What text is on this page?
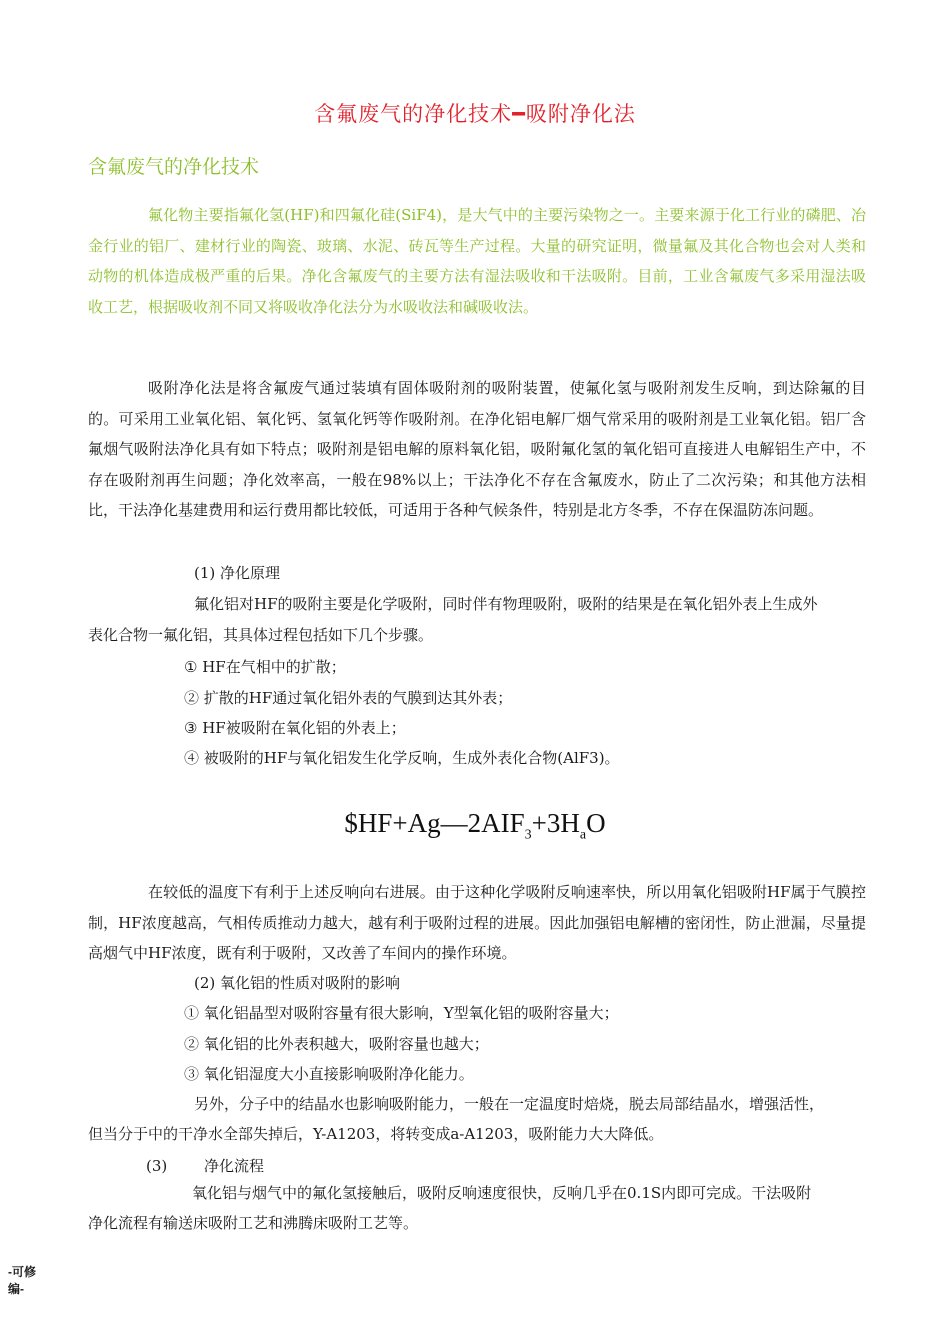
含氟废气的净化技术━吸附净化法
含氟废气的净化技术

氟化物主要指氟化氢(HF)和四氟化硅(SiF4)，是大气中的主要污染物之一。主要来源于化工行业的磷肥、冶金行业的铝厂、建材行业的陶瓷、玻璃、水泥、砖瓦等生产过程。大量的研究证明，微量氟及其化合物也会对人类和动物的机体造成极严重的后果。净化含氟废气的主要方法有湿法吸收和干法吸附。目前，工业含氟废气多采用湿法吸收工艺，根据吸收剂不同又将吸收净化法分为水吸收法和碱吸收法。

吸附净化法是将含氟废气通过装填有固体吸附剂的吸附装置，使氟化氢与吸附剂发生反响，到达除氟的目的。可采用工业氧化铝、氧化钙、氢氧化钙等作吸附剂。在净化铝电解厂烟气常采用的吸附剂是工业氧化铝。铝厂含氟烟气吸附法净化具有如下特点；吸附剂是铝电解的原料氧化铝，吸附氟化氢的氧化铝可直接进人电解铝生产中，不存在吸附剂再生问题；净化效率高，一般在98%以上；干法净化不存在含氟废水，防止了二次污染；和其他方法相比，干法净化基建费用和运行费用都比较低，可适用于各种气候条件，特别是北方冬季，不存在保温防冻问题。

(1) 净化原理
氟化铝对HF的吸附主要是化学吸附，同时伴有物理吸附，吸附的结果是在氧化铝外表上生成外
表化合物一氟化铝，其具体过程包括如下几个步骤。
① HF在气相中的扩散；
② 扩散的HF通过氧化铝外表的气膜到达其外表；
③ HF被吸附在氧化铝的外表上；
④ 被吸附的HF与氧化铝发生化学反响，生成外表化合物(AlF3)。
$\$HF+Ag—2AIF_3+3H_aO$

在较低的温度下有利于上述反响向右进展。由于这种化学吸附反响速率快，所以用氧化铝吸附HF属于气膜控制，HF浓度越高，气相传质推动力越大，越有利于吸附过程的进展。因此加强铝电解槽的密闭性，防止泄漏，尽量提高烟气中HF浓度，既有利于吸附，又改善了车间内的操作环境。

(2) 氧化铝的性质对吸附的影响
① 氧化铝晶型对吸附容量有很大影响，Y型氧化铝的吸附容量大；
② 氧化铝的比外表积越大，吸附容量也越大；
③ 氧化铝湿度大小直接影响吸附净化能力。
另外，分子中的结晶水也影响吸附能力，一般在一定温度时焙烧，脱去局部结晶水，增强活性，
但当分于中的干净水全部失掉后，Y-A1203，将转变成a-A1203，吸附能力大大降低。
(3) 净化流程
氧化铝与烟气中的氟化氢接触后，吸附反响速度很快，反响几乎在0.1S内即可完成。干法吸附
净化流程有输送床吸附工艺和沸腾床吸附工艺等。
-可修编-
